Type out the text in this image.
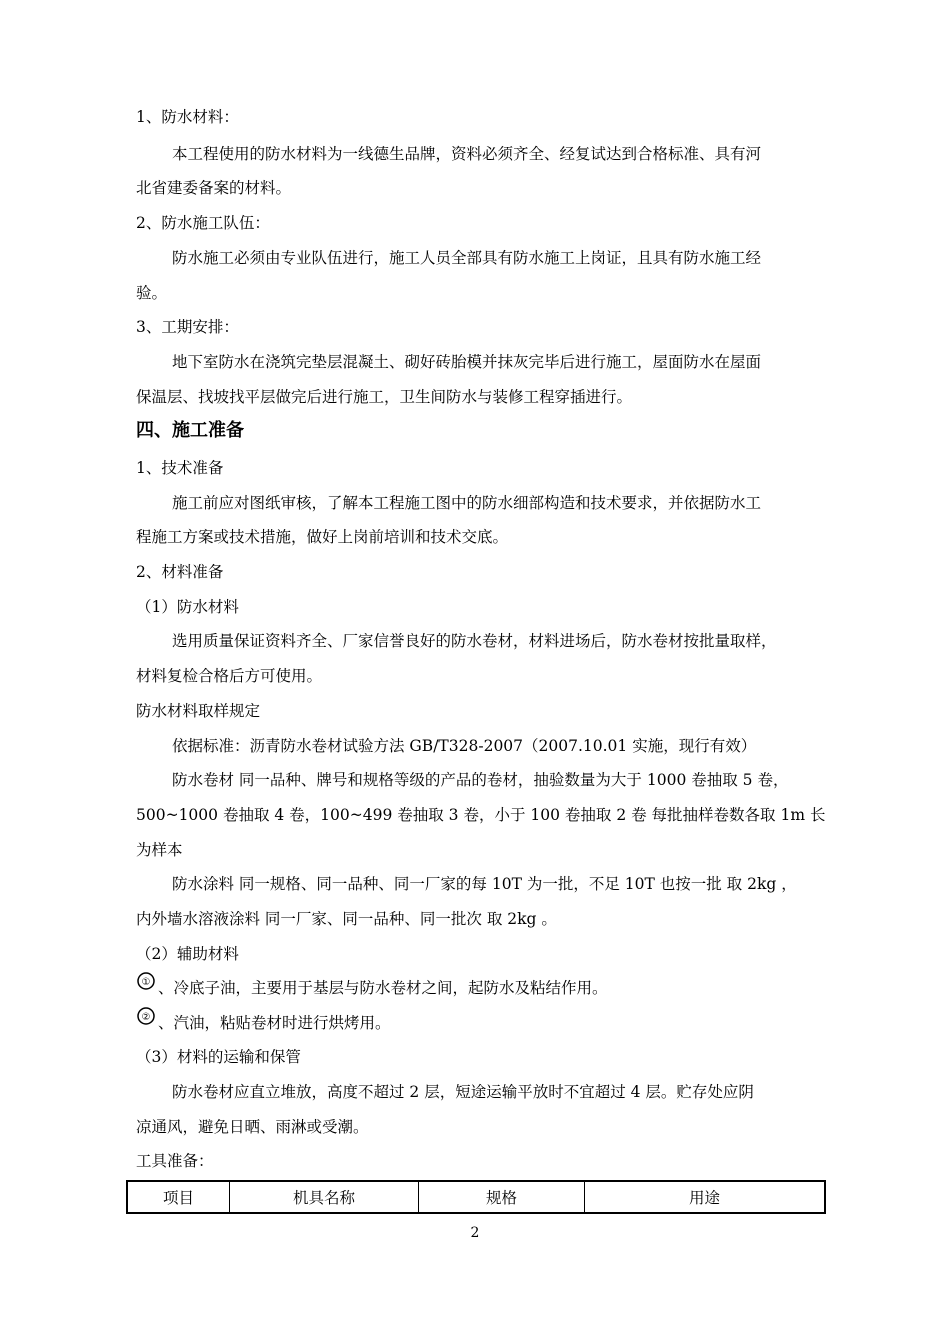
1、防水材料：
本工程使用的防水材料为一线德生品牌，资料必须齐全、经复试达到合格标准、具有河
北省建委备案的材料。
2、防水施工队伍：
防水施工必须由专业队伍进行，施工人员全部具有防水施工上岗证，且具有防水施工经
验。
3、工期安排：
地下室防水在浇筑完垫层混凝土、砌好砖胎模并抹灰完毕后进行施工，屋面防水在屋面
保温层、找坡找平层做完后进行施工，卫生间防水与装修工程穿插进行。
四、施工准备
1、技术准备
施工前应对图纸审核，了解本工程施工图中的防水细部构造和技术要求，并依据防水工
程施工方案或技术措施，做好上岗前培训和技术交底。
2、材料准备
（1）防水材料
选用质量保证资料齐全、厂家信誉良好的防水卷材，材料进场后，防水卷材按批量取样，
材料复检合格后方可使用。
防水材料取样规定
依据标准：沥青防水卷材试验方法 GB/T328-2007（2007.10.01 实施，现行有效）
防水卷材 同一品种、牌号和规格等级的产品的卷材，抽验数量为大于 1000 卷抽取 5 卷，
500~1000 卷抽取 4 卷，100~499 卷抽取 3 卷，小于 100 卷抽取 2 卷 每批抽样卷数各取 1m 长
为样本
防水涂料 同一规格、同一品种、同一厂家的每 10T 为一批，不足 10T 也按一批 取 2kg ，
内外墙水溶液涂料 同一厂家、同一品种、同一批次 取 2kg 。
（2）辅助材料
① 、冷底子油，主要用于基层与防水卷材之间，起防水及粘结作用。
② 、汽油，粘贴卷材时进行烘烤用。
（3）材料的运输和保管
防水卷材应直立堆放，高度不超过 2 层，短途运输平放时不宜超过 4 层。贮存处应阴
凉通风，避免日晒、雨淋或受潮。
工具准备：
项目	机具名称	规格	用途
2
